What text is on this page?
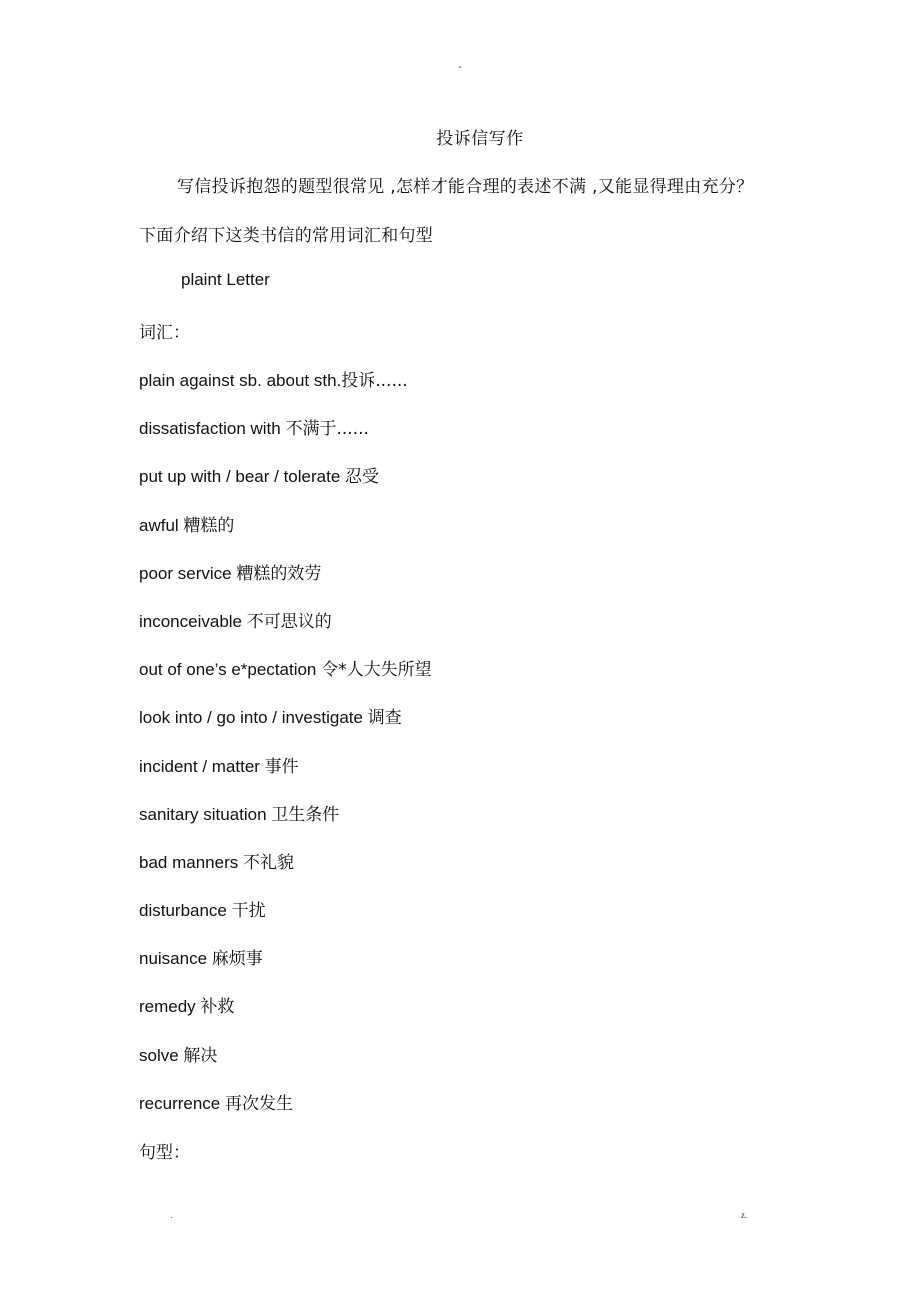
-
投诉信写作
写信投诉抱怨的题型很常见 ,怎样才能合理的表述不满 ,又能显得理由充分？
下面介绍下这类书信的常用词汇和句型
plaint Letter
词汇：
plain against sb. about sth.投诉......
dissatisfaction with 不满于......
put up with / bear / tolerate 忍受
awful 糟糕的
poor service 糟糕的效劳
inconceivable 不可思议的
out of one’s e*pectation 令*人大失所望
look into / go into / investigate 调查
incident / matter 事件
sanitary situation 卫生条件
bad manners 不礼貌
disturbance 干扰
nuisance 麻烦事
remedy 补救
solve 解决
recurrence 再次发生
句型：
.	z.
